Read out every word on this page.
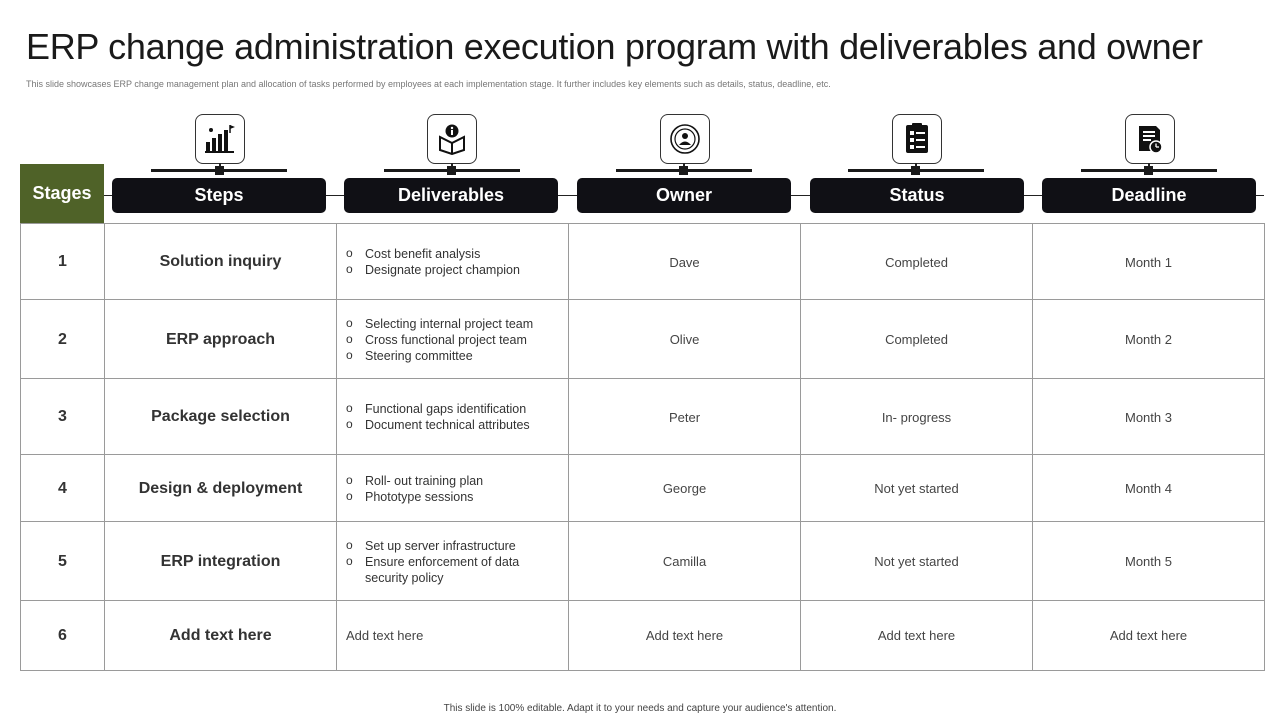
ERP change administration execution program with deliverables and owner
This slide showcases ERP change management plan and allocation of tasks performed by employees at each implementation stage. It further includes key elements such as details, status, deadline, etc.
Stages	Steps	Deliverables	Owner	Status	Deadline
1	Solution inquiry	o Cost benefit analysis
o Designate project champion
Dave	Completed	Month 1
2	ERP approach
o Selecting internal project team
o Cross functional project team
o Steering committee
Olive	Completed	Month 2
3	Package selection	o Functional gaps identification
o Document technical attributes
Peter	In- progress	Month 3
4	Design & deployment	o Roll- out training plan
o Phototype sessions
George	Not yet started	Month 4
5	ERP integration
o Set up server infrastructure
o Ensure enforcement of data
security policy
Camilla	Not yet started	Month 5
6	Add text here	Add text here	Add text here	Add text here	Add text here
This slide is 100% editable. Adapt it to your needs and capture your audience's attention.
